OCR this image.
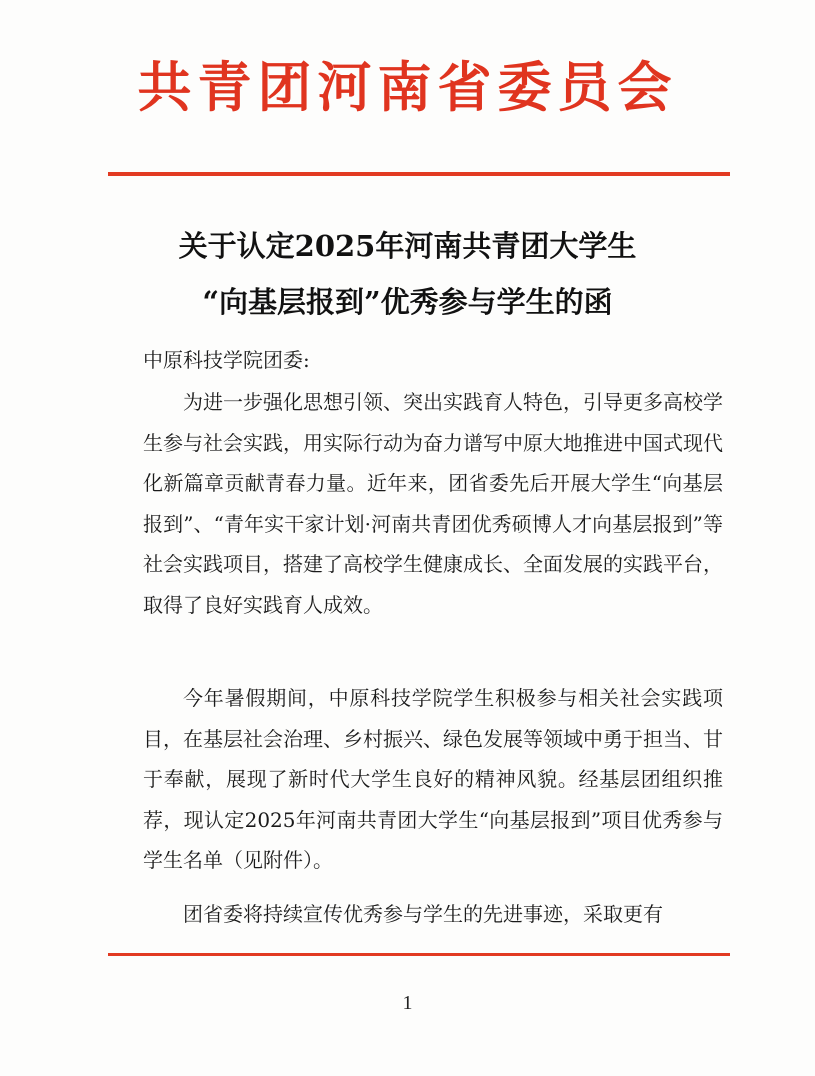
共青团河南省委员会
关于认定2025年河南共青团大学生
“向基层报到”优秀参与学生的函
中原科技学院团委:

为进一步强化思想引领、突出实践育人特色，引导更多高校学生参与社会实践，用实际行动为奋力谱写中原大地推进中国式现代化新篇章贡献青春力量。近年来，团省委先后开展大学生“向基层报到”、“青年实干家计划·河南共青团优秀硕博人才向基层报到”等社会实践项目，搭建了高校学生健康成长、全面发展的实践平台，取得了良好实践育人成效。

今年暑假期间，中原科技学院学生积极参与相关社会实践项目，在基层社会治理、乡村振兴、绿色发展等领域中勇于担当、甘于奉献，展现了新时代大学生良好的精神风貌。经基层团组织推荐，现认定2025年河南共青团大学生“向基层报到”项目优秀参与学生名单（见附件）。

团省委将持续宣传优秀参与学生的先进事迹，采取更有

1
